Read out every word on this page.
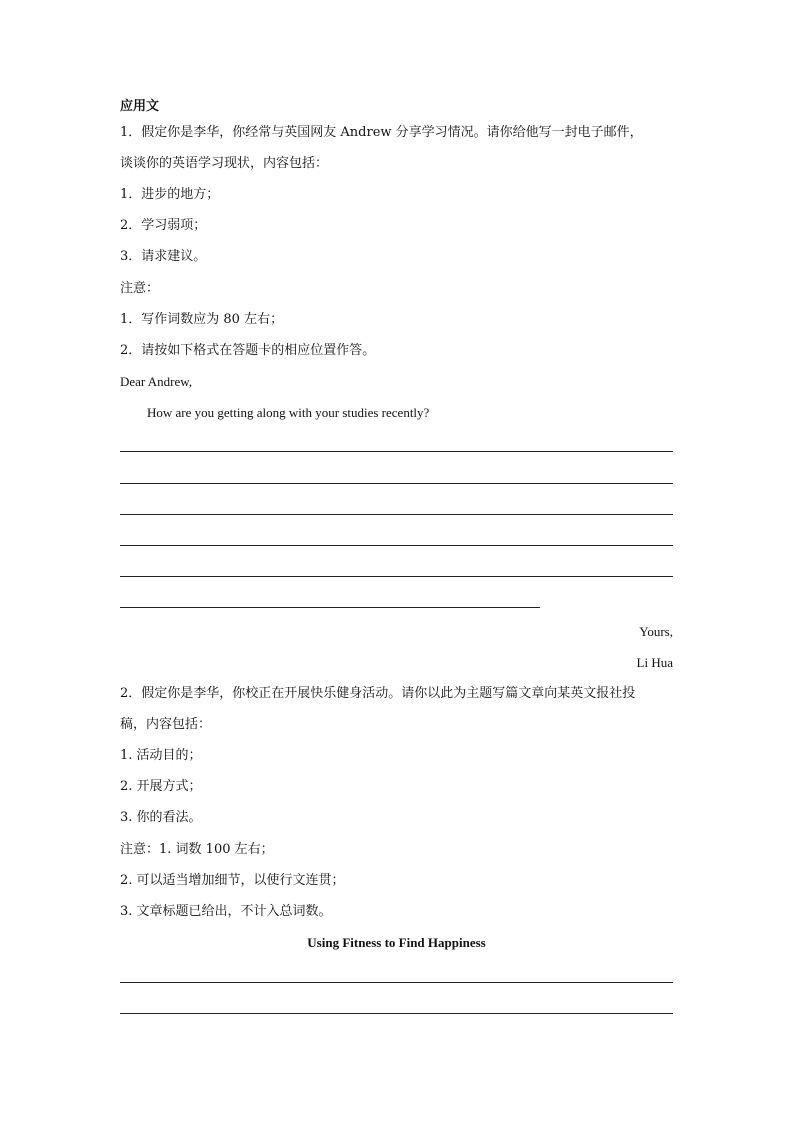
应用文
1．假定你是李华，你经常与英国网友 Andrew 分享学习情况。请你给他写一封电子邮件，
谈谈你的英语学习现状，内容包括：
1．进步的地方；
2．学习弱项；
3．请求建议。
注意：
1．写作词数应为 80 左右；
2．请按如下格式在答题卡的相应位置作答。
Dear Andrew,
How are you getting along with your studies recently?
Yours,
Li Hua
2．假定你是李华，你校正在开展快乐健身活动。请你以此为主题写篇文章向某英文报社投
稿，内容包括：
1. 活动目的；
2. 开展方式；
3. 你的看法。
注意：1. 词数 100 左右；
2. 可以适当增加细节，以使行文连贯；
3. 文章标题已给出，不计入总词数。
Using Fitness to Find Happiness
